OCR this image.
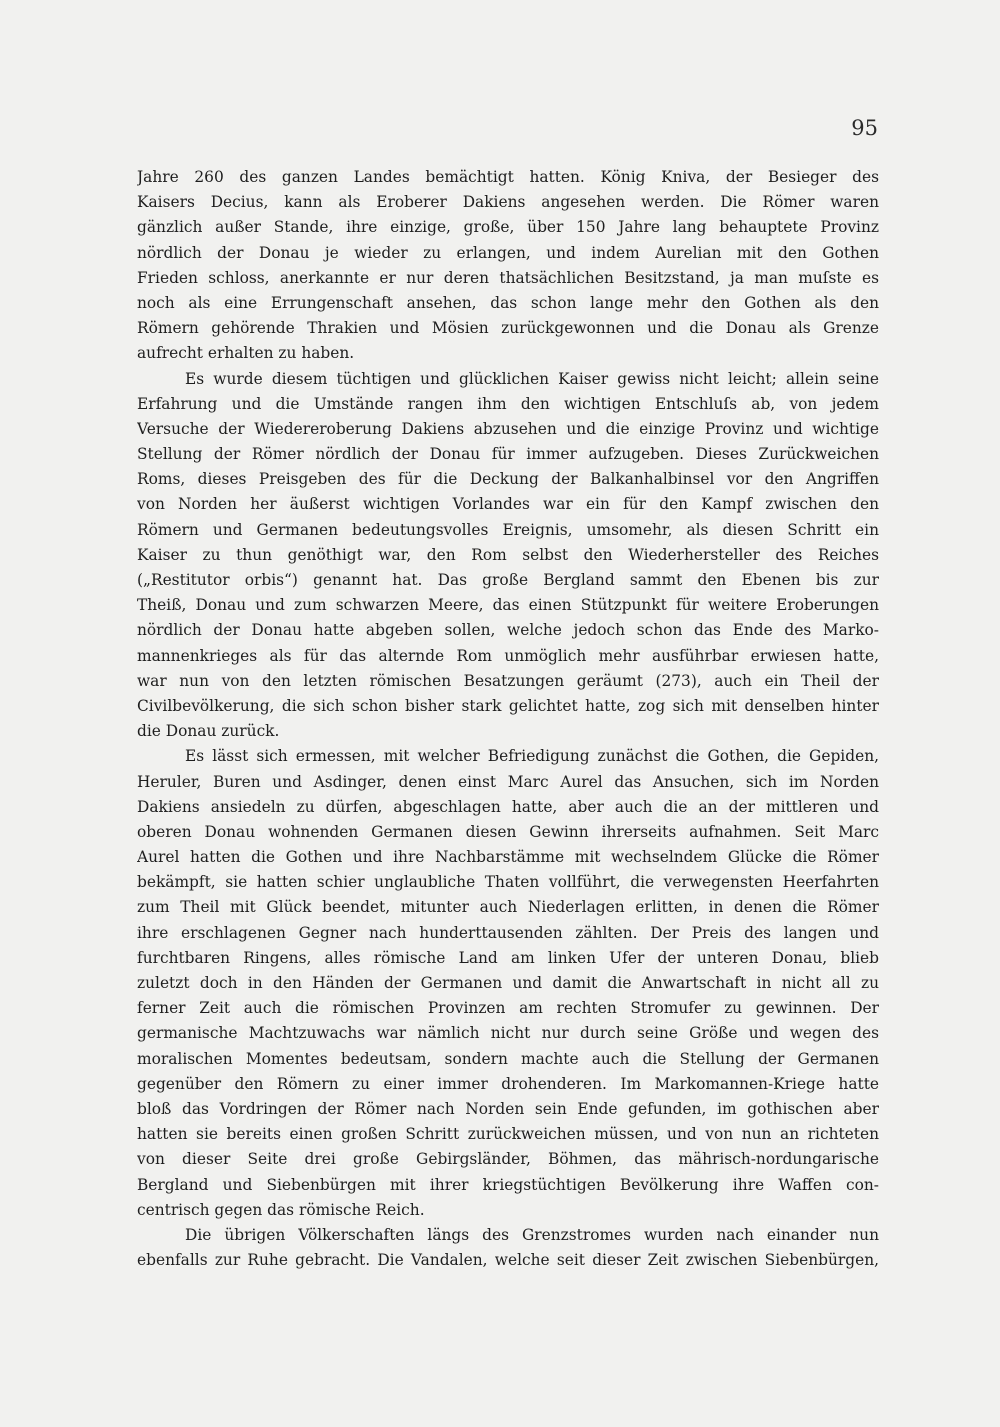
95
Jahre 260 des ganzen Landes bemächtigt hatten. König Kniva, der Besieger des
Kaisers Decius, kann als Eroberer Dakiens angesehen werden. Die Römer waren
gänzlich außer Stande, ihre einzige, große, über 150 Jahre lang behauptete Provinz
nördlich der Donau je wieder zu erlangen, und indem Aurelian mit den Gothen
Frieden schloss, anerkannte er nur deren thatsächlichen Besitzstand, ja man muſste es
noch als eine Errungenschaft ansehen, das schon lange mehr den Gothen als den
Römern gehörende Thrakien und Mösien zurückgewonnen und die Donau als Grenze
aufrecht erhalten zu haben.
Es wurde diesem tüchtigen und glücklichen Kaiser gewiss nicht leicht; allein seine
Erfahrung und die Umstände rangen ihm den wichtigen Entschluſs ab, von jedem
Versuche der Wiedereroberung Dakiens abzusehen und die einzige Provinz und wichtige
Stellung der Römer nördlich der Donau für immer aufzugeben. Dieses Zurückweichen
Roms, dieses Preisgeben des für die Deckung der Balkanhalbinsel vor den Angriffen
von Norden her äußerst wichtigen Vorlandes war ein für den Kampf zwischen den
Römern und Germanen bedeutungsvolles Ereignis, umsomehr, als diesen Schritt ein
Kaiser zu thun genöthigt war, den Rom selbst den Wiederhersteller des Reiches
(„Restitutor orbis“) genannt hat. Das große Bergland sammt den Ebenen bis zur
Theiß, Donau und zum schwarzen Meere, das einen Stützpunkt für weitere Eroberungen
nördlich der Donau hatte abgeben sollen, welche jedoch schon das Ende des Marko-
mannenkrieges als für das alternde Rom unmöglich mehr ausführbar erwiesen hatte,
war nun von den letzten römischen Besatzungen geräumt (273), auch ein Theil der
Civilbevölkerung, die sich schon bisher stark gelichtet hatte, zog sich mit denselben hinter
die Donau zurück.
Es lässt sich ermessen, mit welcher Befriedigung zunächst die Gothen, die Gepiden,
Heruler, Buren und Asdinger, denen einst Marc Aurel das Ansuchen, sich im Norden
Dakiens ansiedeln zu dürfen, abgeschlagen hatte, aber auch die an der mittleren und
oberen Donau wohnenden Germanen diesen Gewinn ihrerseits aufnahmen. Seit Marc
Aurel hatten die Gothen und ihre Nachbarstämme mit wechselndem Glücke die Römer
bekämpft, sie hatten schier unglaubliche Thaten vollführt, die verwegensten Heerfahrten
zum Theil mit Glück beendet, mitunter auch Niederlagen erlitten, in denen die Römer
ihre erschlagenen Gegner nach hunderttausenden zählten. Der Preis des langen und
furchtbaren Ringens, alles römische Land am linken Ufer der unteren Donau, blieb
zuletzt doch in den Händen der Germanen und damit die Anwartschaft in nicht all zu
ferner Zeit auch die römischen Provinzen am rechten Stromufer zu gewinnen. Der
germanische Machtzuwachs war nämlich nicht nur durch seine Größe und wegen des
moralischen Momentes bedeutsam, sondern machte auch die Stellung der Germanen
gegenüber den Römern zu einer immer drohenderen. Im Markomannen-Kriege hatte
bloß das Vordringen der Römer nach Norden sein Ende gefunden, im gothischen aber
hatten sie bereits einen großen Schritt zurückweichen müssen, und von nun an richteten
von dieser Seite drei große Gebirgsländer, Böhmen, das mährisch-nordungarische
Bergland und Siebenbürgen mit ihrer kriegstüchtigen Bevölkerung ihre Waffen con-
centrisch gegen das römische Reich.
Die übrigen Völkerschaften längs des Grenzstromes wurden nach einander nun
ebenfalls zur Ruhe gebracht. Die Vandalen, welche seit dieser Zeit zwischen Siebenbürgen,
